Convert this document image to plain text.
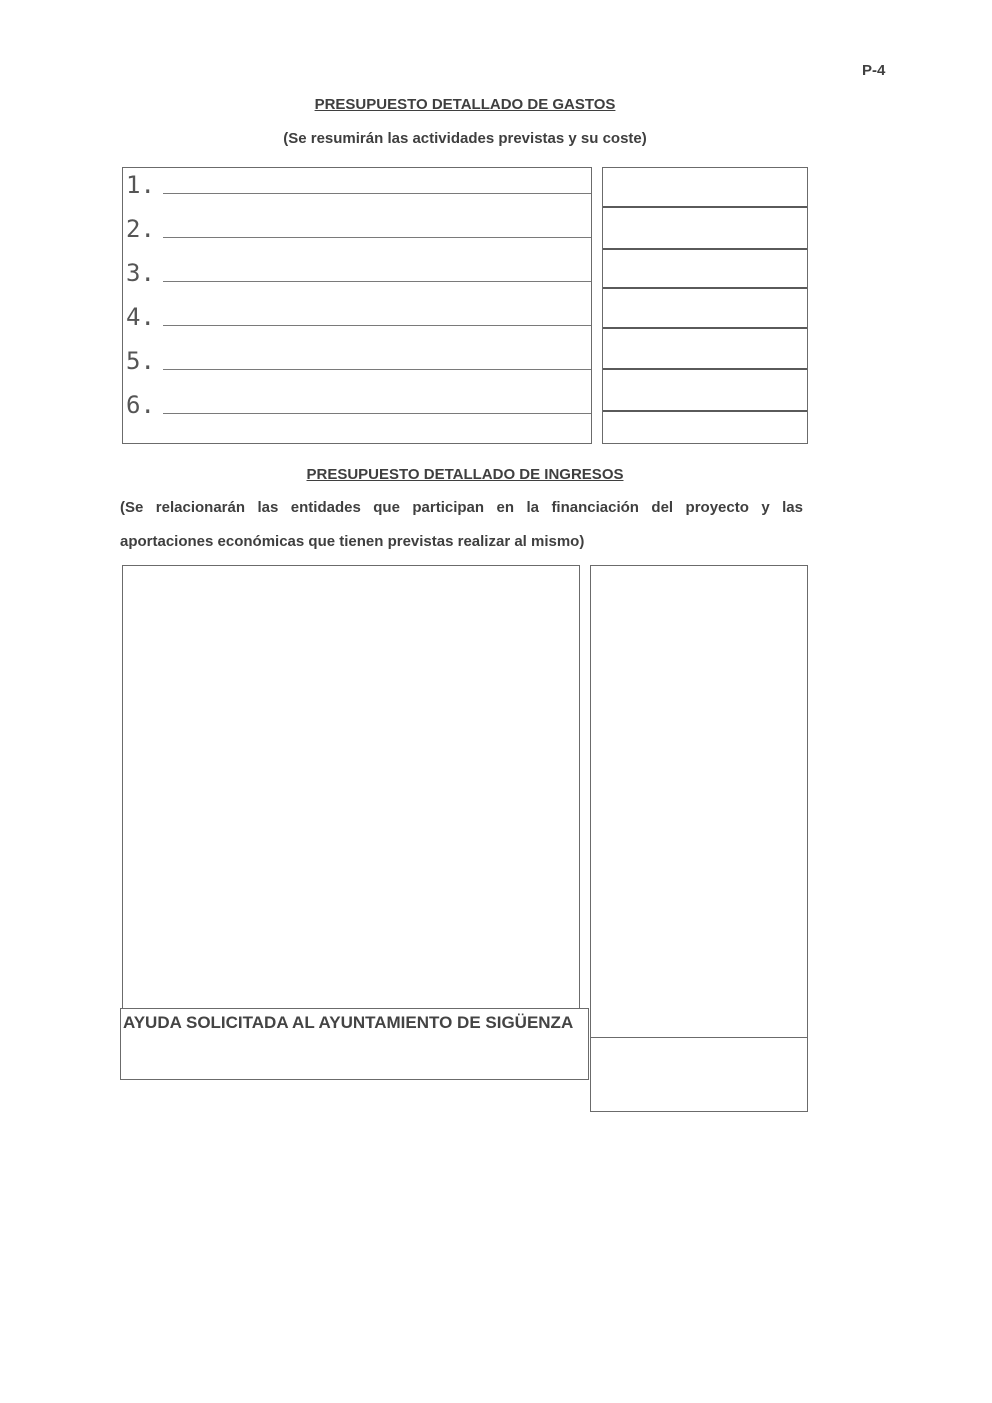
P-4
PRESUPUESTO DETALLADO DE GASTOS
(Se resumirán las actividades previstas y su coste)
1.
2.
3.
4.
5.
6.
PRESUPUESTO DETALLADO DE INGRESOS
(Se relacionarán las entidades que participan en la financiación del proyecto y las
aportaciones económicas que tienen previstas realizar al mismo)
AYUDA SOLICITADA AL AYUNTAMIENTO DE SIGÜENZA
